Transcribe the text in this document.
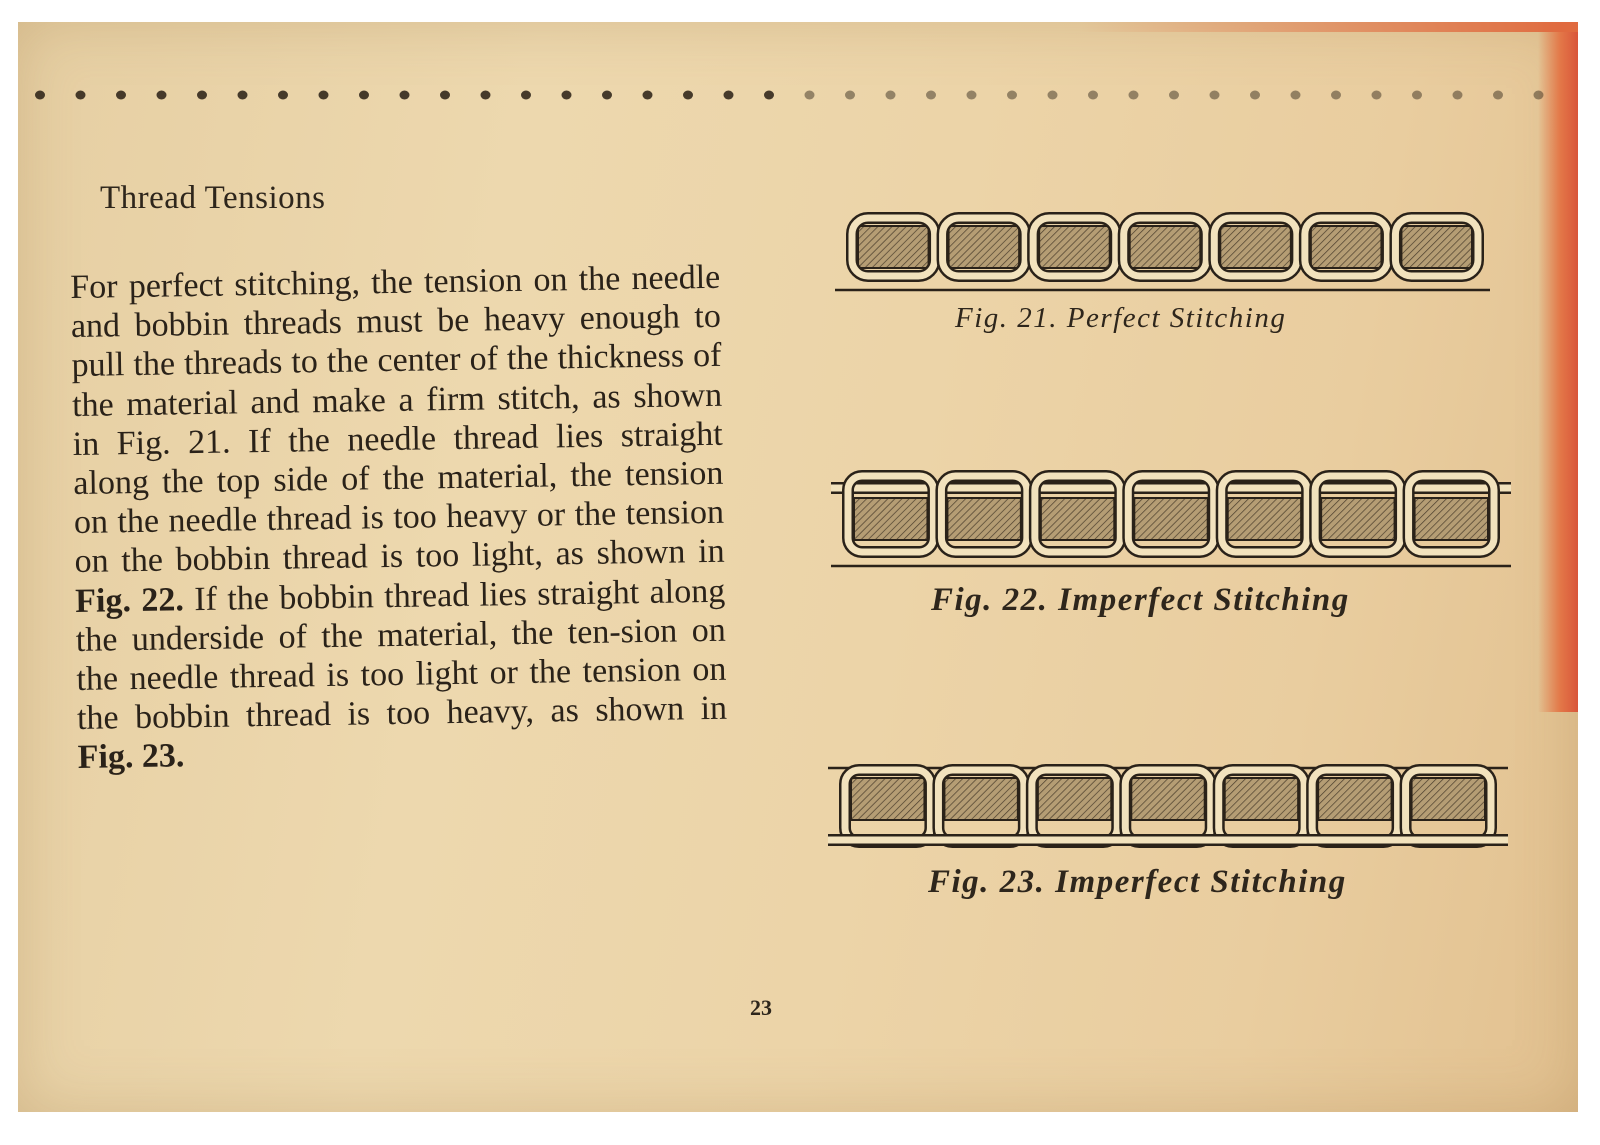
Thread Tensions

For perfect stitching, the tension on the needle and bobbin threads must be heavy enough to pull the threads to the center of the thickness of the material and make a firm stitch, as shown in Fig. 21. If the needle thread lies straight along the top side of the material, the tension on the needle thread is too heavy or the tension on the bobbin thread is too light, as shown in Fig. 22. If the bobbin thread lies straight along the underside of the material, the ten-sion on the needle thread is too light or the tension on the bobbin thread is too heavy, as shown in Fig. 23.

Fig. 21. Perfect Stitching

Fig. 22. Imperfect Stitching

Fig. 23. Imperfect Stitching

23
